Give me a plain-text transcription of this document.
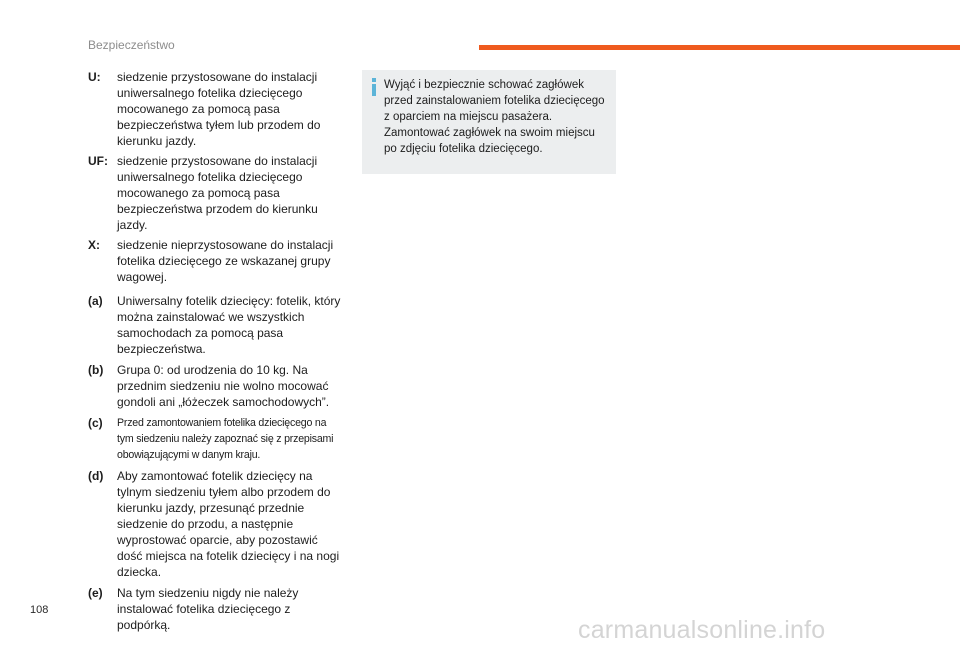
Bezpieczeństwo
U:	siedzenie przystosowane do instalacji uniwersalnego fotelika dziecięcego mocowanego za pomocą pasa bezpieczeństwa tyłem lub przodem do kierunku jazdy.
UF: siedzenie przystosowane do instalacji uniwersalnego fotelika dziecięcego mocowanego za pomocą pasa bezpieczeństwa przodem do kierunku jazdy.
X:	siedzenie nieprzystosowane do instalacji fotelika dziecięcego ze wskazanej grupy wagowej.
(a)	Uniwersalny fotelik dziecięcy: fotelik, który można zainstalować we wszystkich samochodach za pomocą pasa bezpieczeństwa.
(b)	Grupa 0: od urodzenia do 10 kg. Na przednim siedzeniu nie wolno mocować gondoli ani „łóżeczek samochodowych”.
(c)	Przed zamontowaniem fotelika dziecięcego na tym siedzeniu należy zapoznać się z przepisami obowiązującymi w danym kraju.
(d)	Aby zamontować fotelik dziecięcy na tylnym siedzeniu tyłem albo przodem do kierunku jazdy, przesunąć przednie siedzenie do przodu, a następnie wyprostować oparcie, aby pozostawić dość miejsca na fotelik dziecięcy i na nogi dziecka.
(e)	Na tym siedzeniu nigdy nie należy instalować fotelika dziecięcego z podpórką.
Wyjąć i bezpiecznie schować zagłówek przed zainstalowaniem fotelika dziecięcego z oparciem na miejscu pasażera. Zamontować zagłówek na swoim miejscu po zdjęciu fotelika dziecięcego.
108
carmanualsonline.info
